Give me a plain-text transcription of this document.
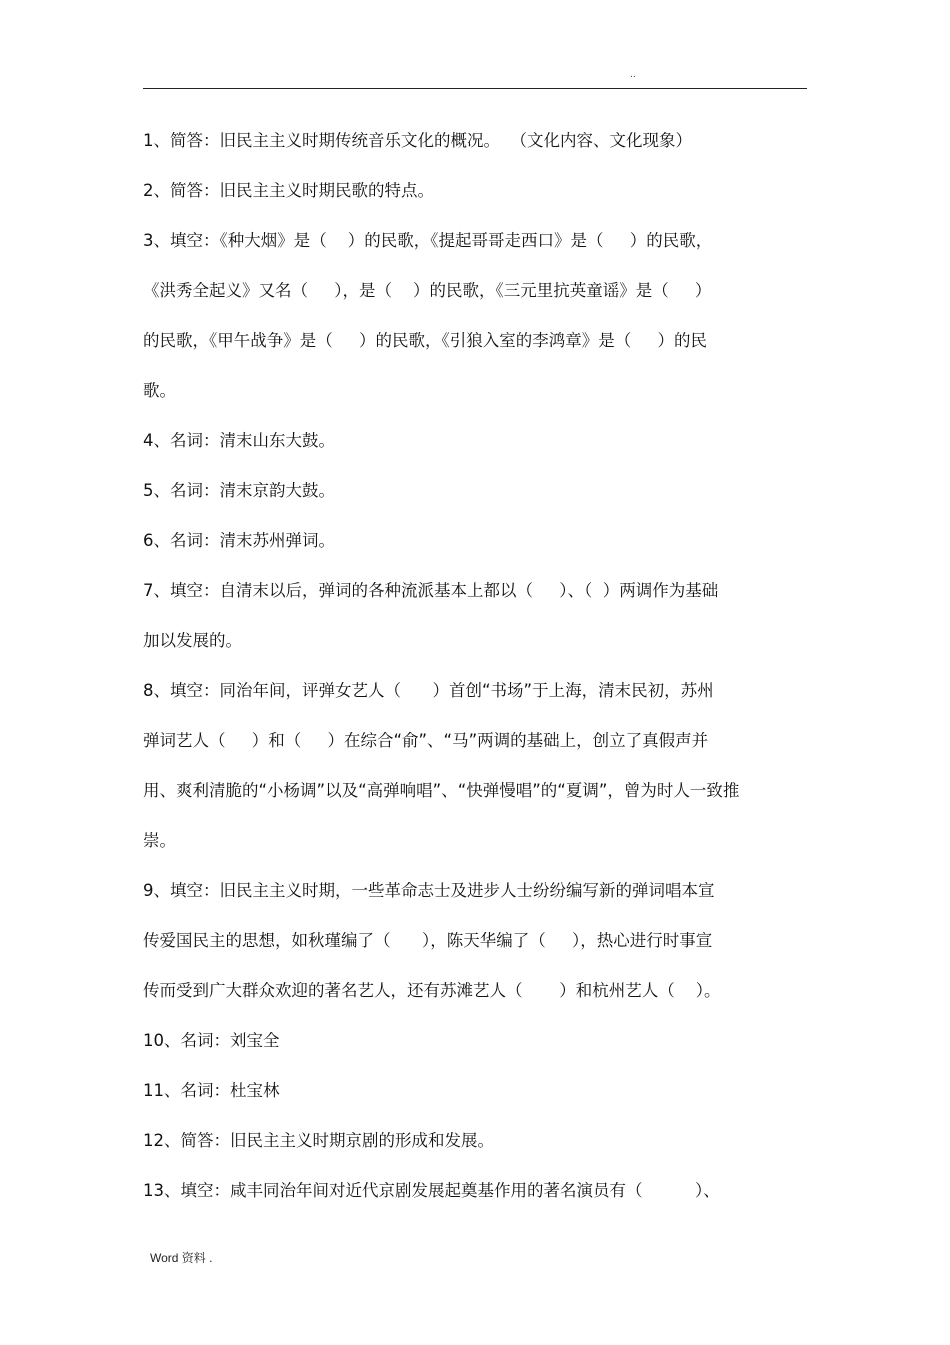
..
1、简答：旧民主主义时期传统音乐文化的概况。  （文化内容、文化现象）
2、简答：旧民主主义时期民歌的特点。
3、填空：《种大烟》是（    ）的民歌，《提起哥哥走西口》是（     ）的民歌，
《洪秀全起义》又名（     ），是（    ）的民歌，《三元里抗英童谣》是（     ）
的民歌，《甲午战争》是（     ）的民歌，《引狼入室的李鸿章》是（     ）的民
歌。
4、名词：清末山东大鼓。
5、名词：清末京韵大鼓。
6、名词：清末苏州弹词。
7、填空：自清末以后，弹词的各种流派基本上都以（     ）、（  ）两调作为基础
加以发展的。
8、填空：同治年间，评弹女艺人（      ）首创“书场”于上海，清末民初，苏州
弹词艺人（     ）和（     ）在综合“俞”、“马”两调的基础上，创立了真假声并
用、爽利清脆的“小杨调”以及“高弹响唱”、“快弹慢唱”的“夏调”，曾为时人一致推
崇。
9、填空：旧民主主义时期，一些革命志士及进步人士纷纷编写新的弹词唱本宣
传爱国民主的思想，如秋瑾编了（      ），陈天华编了（     ），热心进行时事宣
传而受到广大群众欢迎的著名艺人，还有苏滩艺人（       ）和杭州艺人（    ）。
10、名词：刘宝全
11、名词：杜宝林
12、简答：旧民主主义时期京剧的形成和发展。
13、填空：咸丰同治年间对近代京剧发展起奠基作用的著名演员有（          ）、
Word 资料 .
